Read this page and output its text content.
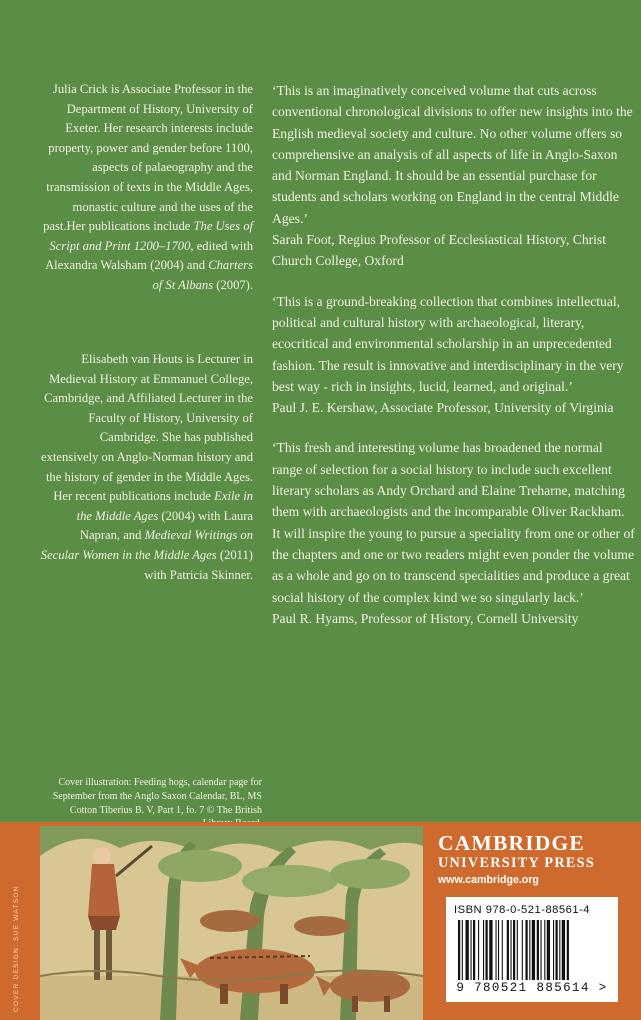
Julia Crick is Associate Professor in the Department of History, University of Exeter. Her research interests include property, power and gender before 1100, aspects of palaeography and the transmission of texts in the Middle Ages, monastic culture and the uses of the past.Her publications include The Uses of Script and Print 1200–1700, edited with Alexandra Walsham (2004) and Charters of St Albans (2007).

Elisabeth van Houts is Lecturer in Medieval History at Emmanuel College, Cambridge, and Affiliated Lecturer in the Faculty of History, University of Cambridge. She has published extensively on Anglo-Norman history and the history of gender in the Middle Ages. Her recent publications include Exile in the Middle Ages (2004) with Laura Napran, and Medieval Writings on Secular Women in the Middle Ages (2011) with Patricia Skinner.

Cover illustration: Feeding hogs, calendar page for September from the Anglo Saxon Calendar, BL, MS Cotton Tiberius B. V, Part 1, fo. 7 © The British

‘This is an imaginatively conceived volume that cuts across conventional chronological divisions to offer new insights into the English medieval society and culture. No other volume offers so comprehensive an analysis of all aspects of life in Anglo-Saxon and Norman England. It should be an essential purchase for students and scholars working on England in the central Middle Ages.’

Sarah Foot, Regius Professor of Ecclesiastical History, Christ Church College, Oxford

‘This is a ground-breaking collection that combines intellectual, political and cultural history with archaeological, literary, ecocritical and environmental scholarship in an unprecedented fashion. The result is innovative and interdisciplinary in the very best way - rich in insights, lucid, learned, and original.’

Paul J. E. Kershaw, Associate Professor, University of Virginia

‘This fresh and interesting volume has broadened the normal range of selection for a social history to include such excellent literary scholars as Andy Orchard and Elaine Treharne, matching them with archaeologists and the incomparable Oliver Rackham. It will inspire the young to pursue a speciality from one or other of the chapters and one or two readers might even ponder the volume as a whole and go on to transcend specialities and produce a great social history of the complex kind we so singularly lack.’

Paul R. Hyams, Professor of History, Cornell University

COVER DESIGN: SUE WATSON
CAMBRIDGE
UNIVERSITY PRESS
www.cambridge.org
ISBN 978-0-521-88561-4
9 780521 885614 >
